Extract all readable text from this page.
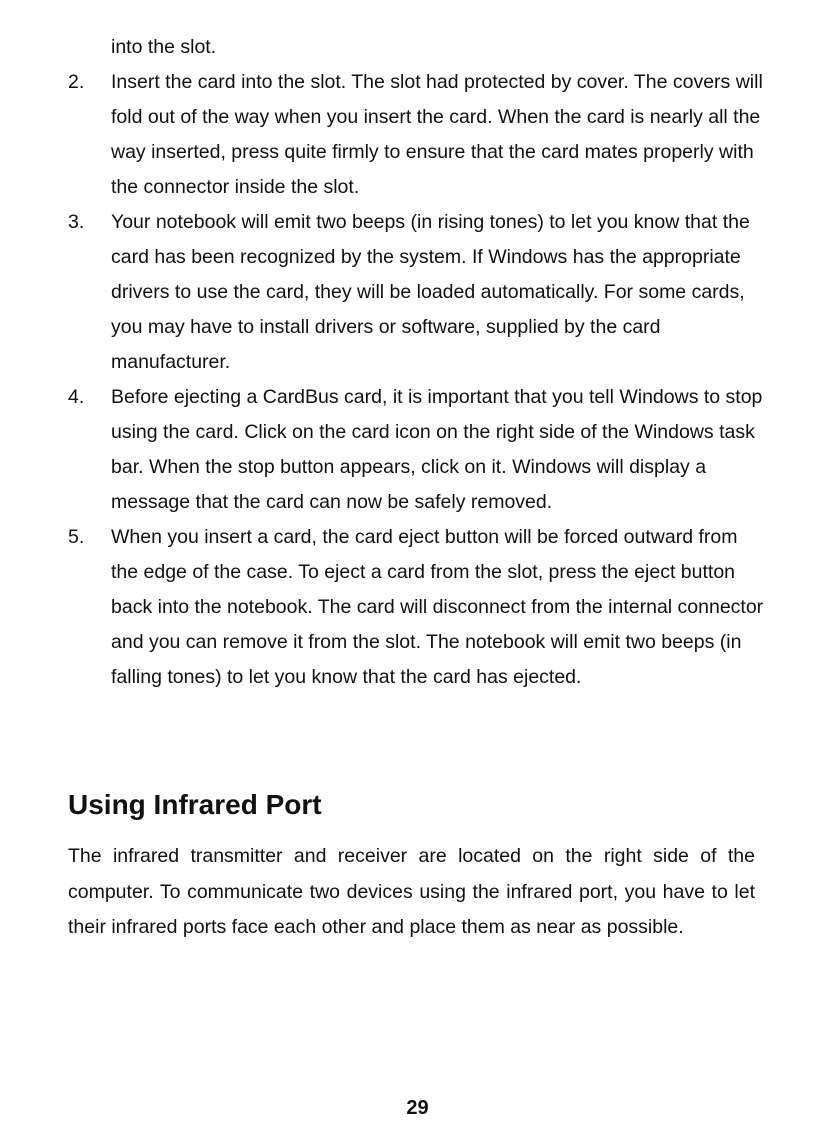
into the slot.
2. Insert the card into the slot. The slot had protected by cover. The covers will fold out of the way when you insert the card. When the card is nearly all the way inserted, press quite firmly to ensure that the card mates properly with the connector inside the slot.
3. Your notebook will emit two beeps (in rising tones) to let you know that the card has been recognized by the system. If Windows has the appropriate drivers to use the card, they will be loaded automatically. For some cards, you may have to install drivers or software, supplied by the card manufacturer.
4. Before ejecting a CardBus card, it is important that you tell Windows to stop using the card. Click on the card icon on the right side of the Windows task bar. When the stop button appears, click on it. Windows will display a message that the card can now be safely removed.
5. When you insert a card, the card eject button will be forced outward from the edge of the case. To eject a card from the slot, press the eject button back into the notebook. The card will disconnect from the internal connector and you can remove it from the slot. The notebook will emit two beeps (in falling tones) to let you know that the card has ejected.
Using Infrared Port

The infrared transmitter and receiver are located on the right side of the computer. To communicate two devices using the infrared port, you have to let their infrared ports face each other and place them as near as possible.

29
